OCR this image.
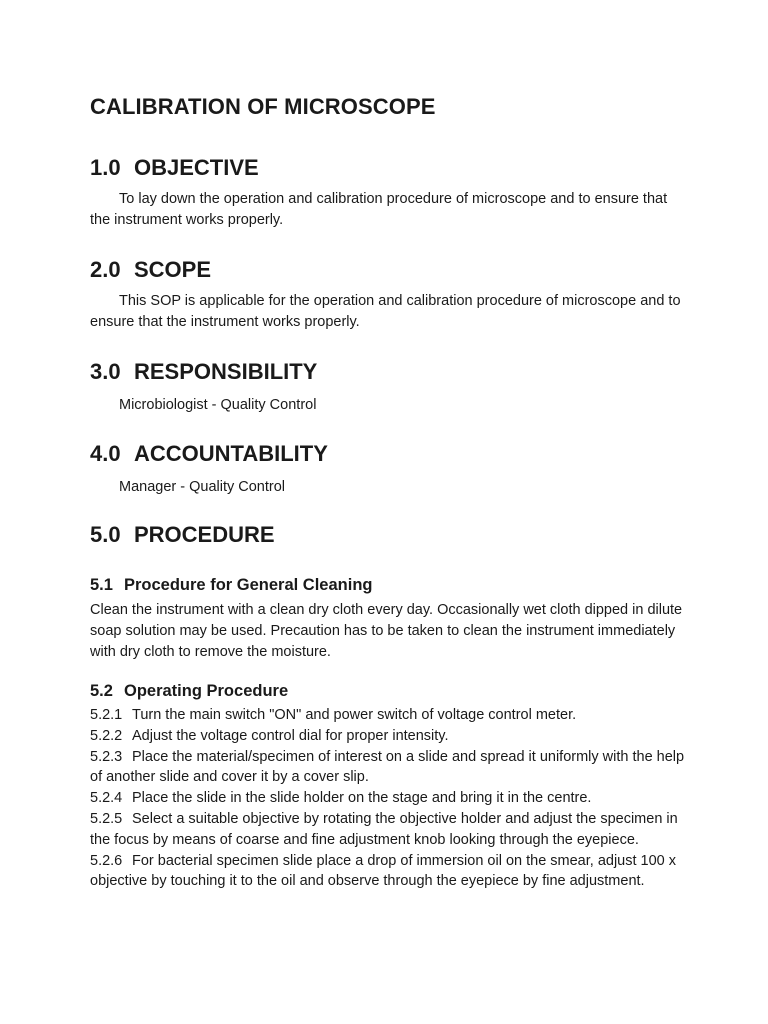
CALIBRATION OF MICROSCOPE
1.0 OBJECTIVE

To lay down the operation and calibration procedure of microscope and to ensure that the instrument works properly.

2.0 SCOPE

This SOP is applicable for the operation and calibration procedure of microscope and to ensure that the instrument works properly.

3.0 RESPONSIBILITY

Microbiologist - Quality Control

4.0 ACCOUNTABILITY

Manager - Quality Control

5.0 PROCEDURE
5.1 Procedure for General Cleaning

Clean the instrument with a clean dry cloth every day. Occasionally wet cloth dipped in dilute soap solution may be used. Precaution has to be taken to clean the instrument immediately with dry cloth to remove the moisture.

5.2 Operating Procedure

5.2.1 Turn the main switch "ON" and power switch of voltage control meter.

5.2.2 Adjust the voltage control dial for proper intensity.

5.2.3 Place the material/specimen of interest on a slide and spread it uniformly with the help of another slide and cover it by a cover slip.

5.2.4 Place the slide in the slide holder on the stage and bring it in the centre.

5.2.5 Select a suitable objective by rotating the objective holder and adjust the specimen in the focus by means of coarse and fine adjustment knob looking through the eyepiece.

5.2.6 For bacterial specimen slide place a drop of immersion oil on the smear, adjust 100 x objective by touching it to the oil and observe through the eyepiece by fine adjustment.
